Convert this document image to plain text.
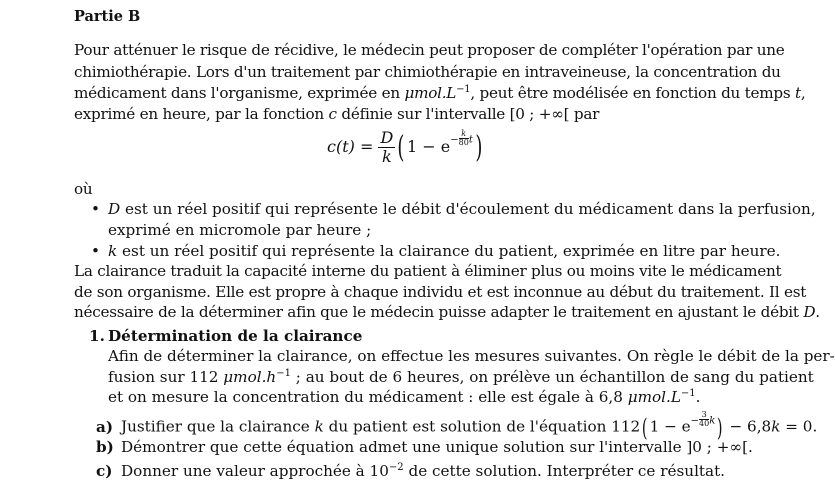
Partie B
Pour atténuer le risque de récidive, le médecin peut proposer de compléter l'opération par une
chimiothérapie. Lors d'un traitement par chimiothérapie en intraveineuse, la concentration du
médicament dans l'organisme, exprimée en $\mu mol.L^{-1}$, peut être modélisée en fonction du temps t,
exprimé en heure, par la fonction c définie sur l'intervalle [0 ; +∞[ par
$c(t) = \frac{D}{k}$ ( $1 - e- \frac{k}{80} t$)
où
• D est un réel positif qui représente le débit d'écoulement du médicament dans la perfusion,
exprimé en micromole par heure ;
• k est un réel positif qui représente la clairance du patient, exprimée en litre par heure.
La clairance traduit la capacité interne du patient à éliminer plus ou moins vite le médicament
de son organisme. Elle est propre à chaque individu et est inconnue au début du traitement. Il est
nécessaire de la déterminer afin que le médecin puisse adapter le traitement en ajustant le débit D.
1. Détermination de la clairance
Afin de déterminer la clairance, on effectue les mesures suivantes. On règle le débit de la per-
fusion sur 112 $\mu mol.h^{-1}$ ; au bout de 6 heures, on prélève un échantillon de sang du patient
et on mesure la concentration du médicament : elle est égale à 6,8 $\mu mol.L^{-1}$.
a) Justifier que la clairance k du patient est solution de l'équation 112( $1 - e- \frac{3}{40} k) - 6,8k = 0$.
b) Démontrer que cette équation admet une unique solution sur l'intervalle ]0 ; +∞[.
c) Donner une valeur approchée à $10^{-2}$ de cette solution. Interpréter ce résultat.
